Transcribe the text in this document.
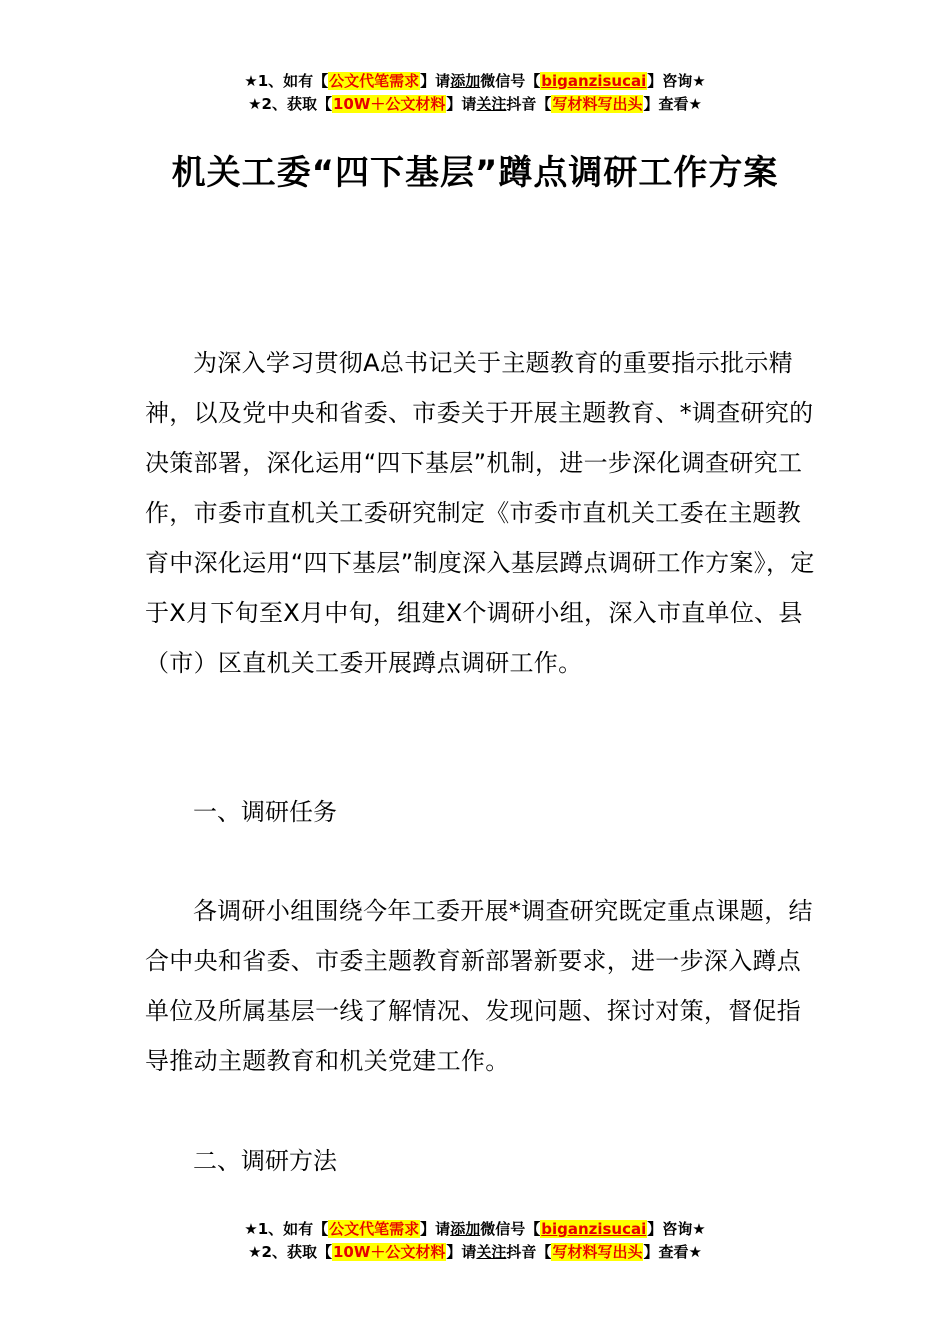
★1、如有【公文代笔需求】请添加微信号【biganzisucai】咨询★
★2、获取【10W＋公文材料】请关注抖音【写材料写出头】查看★
机关工委“四下基层”蹲点调研工作方案

为深入学习贯彻A总书记关于主题教育的重要指示批示精神，以及党中央和省委、市委关于开展主题教育、*调查研究的决策部署，深化运用“四下基层”机制，进一步深化调查研究工作，市委市直机关工委研究制定《市委市直机关工委在主题教育中深化运用“四下基层”制度深入基层蹲点调研工作方案》，定于X月下旬至X月中旬，组建X个调研小组，深入市直单位、县（市）区直机关工委开展蹲点调研工作。

一、调研任务

各调研小组围绕今年工委开展*调查研究既定重点课题，结合中央和省委、市委主题教育新部署新要求，进一步深入蹲点单位及所属基层一线了解情况、发现问题、探讨对策，督促指导推动主题教育和机关党建工作。

二、调研方法

★1、如有【公文代笔需求】请添加微信号【biganzisucai】咨询★
★2、获取【10W＋公文材料】请关注抖音【写材料写出头】查看★
